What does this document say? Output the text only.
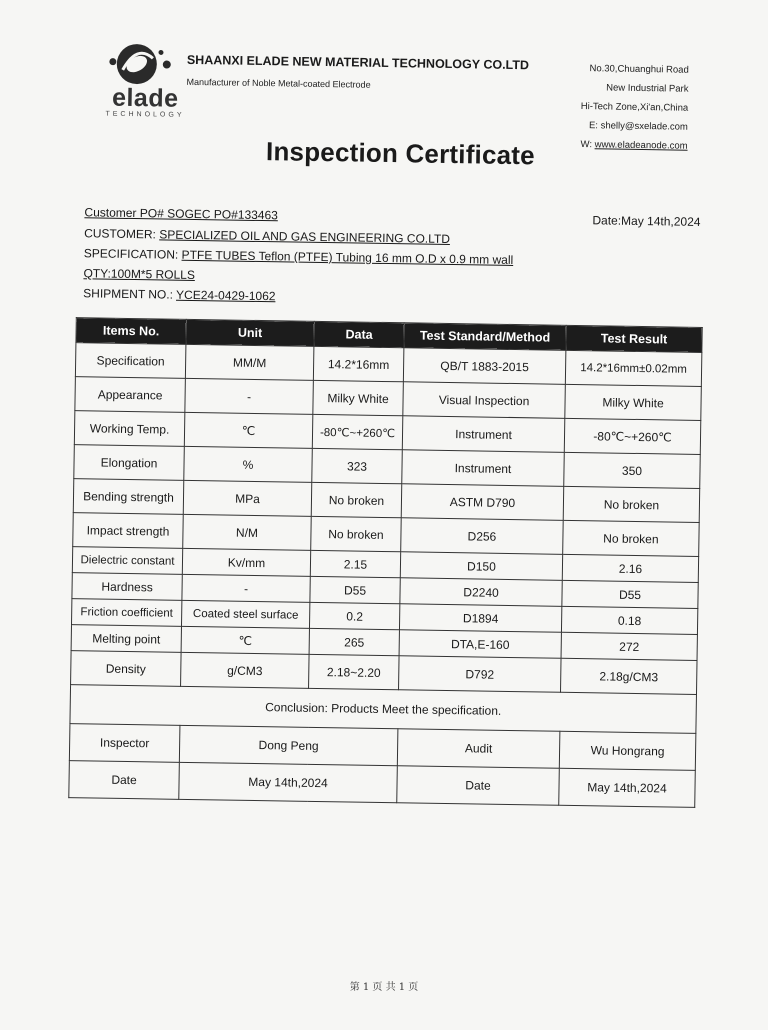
elade
TECHNOLOGY
SHAANXI ELADE NEW MATERIAL TECHNOLOGY CO.LTD
Manufacturer of Noble Metal-coated Electrode
No.30,Chuanghui Road
New Industrial Park
Hi-Tech Zone,Xi'an,China
E: shelly@sxelade.com
W: www.eladeanode.com
Inspection Certificate
Customer PO# SOGEC PO#133463	Date:May 14th,2024
CUSTOMER: SPECIALIZED OIL AND GAS ENGINEERING CO.LTD
SPECIFICATION: PTFE TUBES Teflon (PTFE) Tubing 16 mm O.D x 0.9 mm wall
QTY:100M*5 ROLLS
SHIPMENT NO.: YCE24-0429-1062
Items No.	Unit	Data	Test Standard/Method	Test Result
Specification	MM/M	14.2*16mm	QB/T 1883-2015	14.2*16mm±0.02mm
Appearance	-	Milky White	Visual Inspection	Milky White
Working Temp.	℃	-80℃~+260℃	Instrument	-80℃~+260℃
Elongation	%	323	Instrument	350
Bending strength	MPa	No broken	ASTM D790	No broken
Impact strength	N/M	No broken	D256	No broken
Dielectric constant	Kv/mm	2.15	D150	2.16
Hardness	-	D55	D2240	D55
Friction coefficient	Coated steel surface	0.2	D1894	0.18
Melting point	℃	265	DTA,E-160	272
Density	g/CM3	2.18~2.20	D792	2.18g/CM3
Conclusion: Products Meet the specification.				
Inspector	Dong Peng		Audit	Wu Hongrang
Date	May 14th,2024		Date	May 14th,2024
第 1 页 共 1 页
